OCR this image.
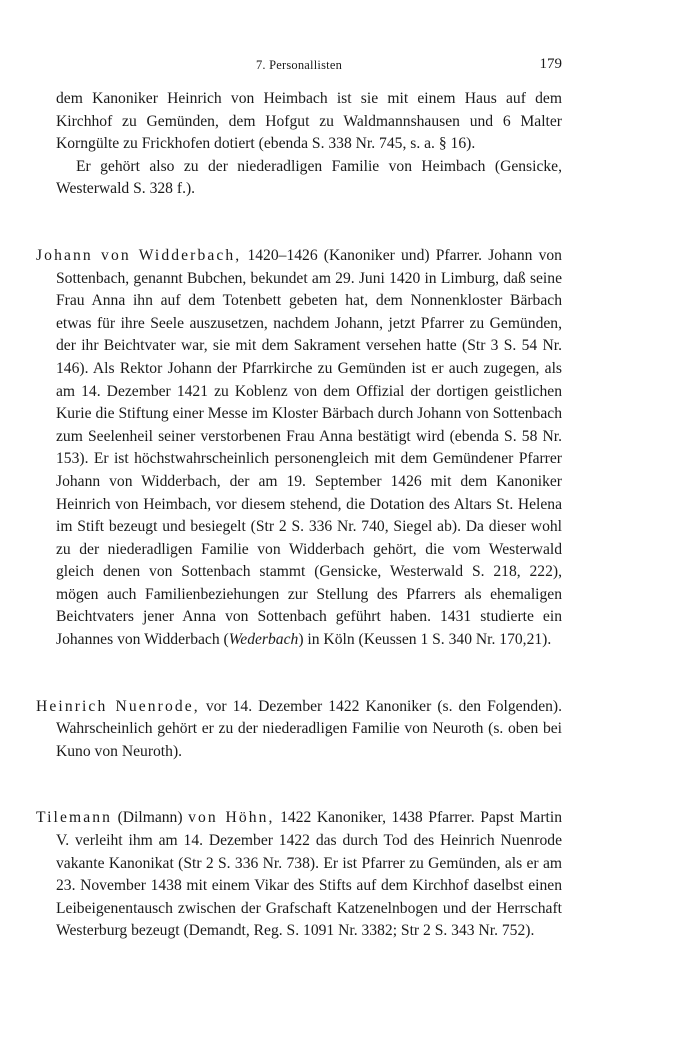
7. Personallisten	179

dem Kanoniker Heinrich von Heimbach ist sie mit einem Haus auf dem Kirchhof zu Gemünden, dem Hofgut zu Waldmannshausen und 6 Malter Korngülte zu Frickhofen dotiert (ebenda S. 338 Nr. 745, s. a. § 16).

Er gehört also zu der niederadligen Familie von Heimbach (Gensicke, Westerwald S. 328 f.).

Johann von Widderbach, 1420–1426 (Kanoniker und) Pfarrer. Johann von Sottenbach, genannt Bubchen, bekundet am 29. Juni 1420 in Limburg, daß seine Frau Anna ihn auf dem Totenbett gebeten hat, dem Nonnenkloster Bärbach etwas für ihre Seele auszusetzen, nachdem Johann, jetzt Pfarrer zu Gemünden, der ihr Beichtvater war, sie mit dem Sakrament versehen hatte (Str 3 S. 54 Nr. 146). Als Rektor Johann der Pfarrkirche zu Gemünden ist er auch zugegen, als am 14. Dezember 1421 zu Koblenz von dem Offizial der dortigen geistlichen Kurie die Stiftung einer Messe im Kloster Bärbach durch Johann von Sottenbach zum Seelenheil seiner verstorbenen Frau Anna bestätigt wird (ebenda S. 58 Nr. 153). Er ist höchstwahrscheinlich personengleich mit dem Gemündener Pfarrer Johann von Widderbach, der am 19. September 1426 mit dem Kanoniker Heinrich von Heimbach, vor diesem stehend, die Dotation des Altars St. Helena im Stift bezeugt und besiegelt (Str 2 S. 336 Nr. 740, Siegel ab). Da dieser wohl zu der niederadligen Familie von Widderbach gehört, die vom Westerwald gleich denen von Sottenbach stammt (Gensicke, Westerwald S. 218, 222), mögen auch Familienbeziehungen zur Stellung des Pfarrers als ehemaligen Beichtvaters jener Anna von Sottenbach geführt haben. 1431 studierte ein Johannes von Widderbach (Wederbach) in Köln (Keussen 1 S. 340 Nr. 170,21).

Heinrich Nuenrode, vor 14. Dezember 1422 Kanoniker (s. den Folgenden). Wahrscheinlich gehört er zu der niederadligen Familie von Neuroth (s. oben bei Kuno von Neuroth).

Tilemann (Dilmann) von Höhn, 1422 Kanoniker, 1438 Pfarrer. Papst Martin V. verleiht ihm am 14. Dezember 1422 das durch Tod des Heinrich Nuenrode vakante Kanonikat (Str 2 S. 336 Nr. 738). Er ist Pfarrer zu Gemünden, als er am 23. November 1438 mit einem Vikar des Stifts auf dem Kirchhof daselbst einen Leibeigenentausch zwischen der Grafschaft Katzenelnbogen und der Herrschaft Westerburg bezeugt (Demandt, Reg. S. 1091 Nr. 3382; Str 2 S. 343 Nr. 752).
